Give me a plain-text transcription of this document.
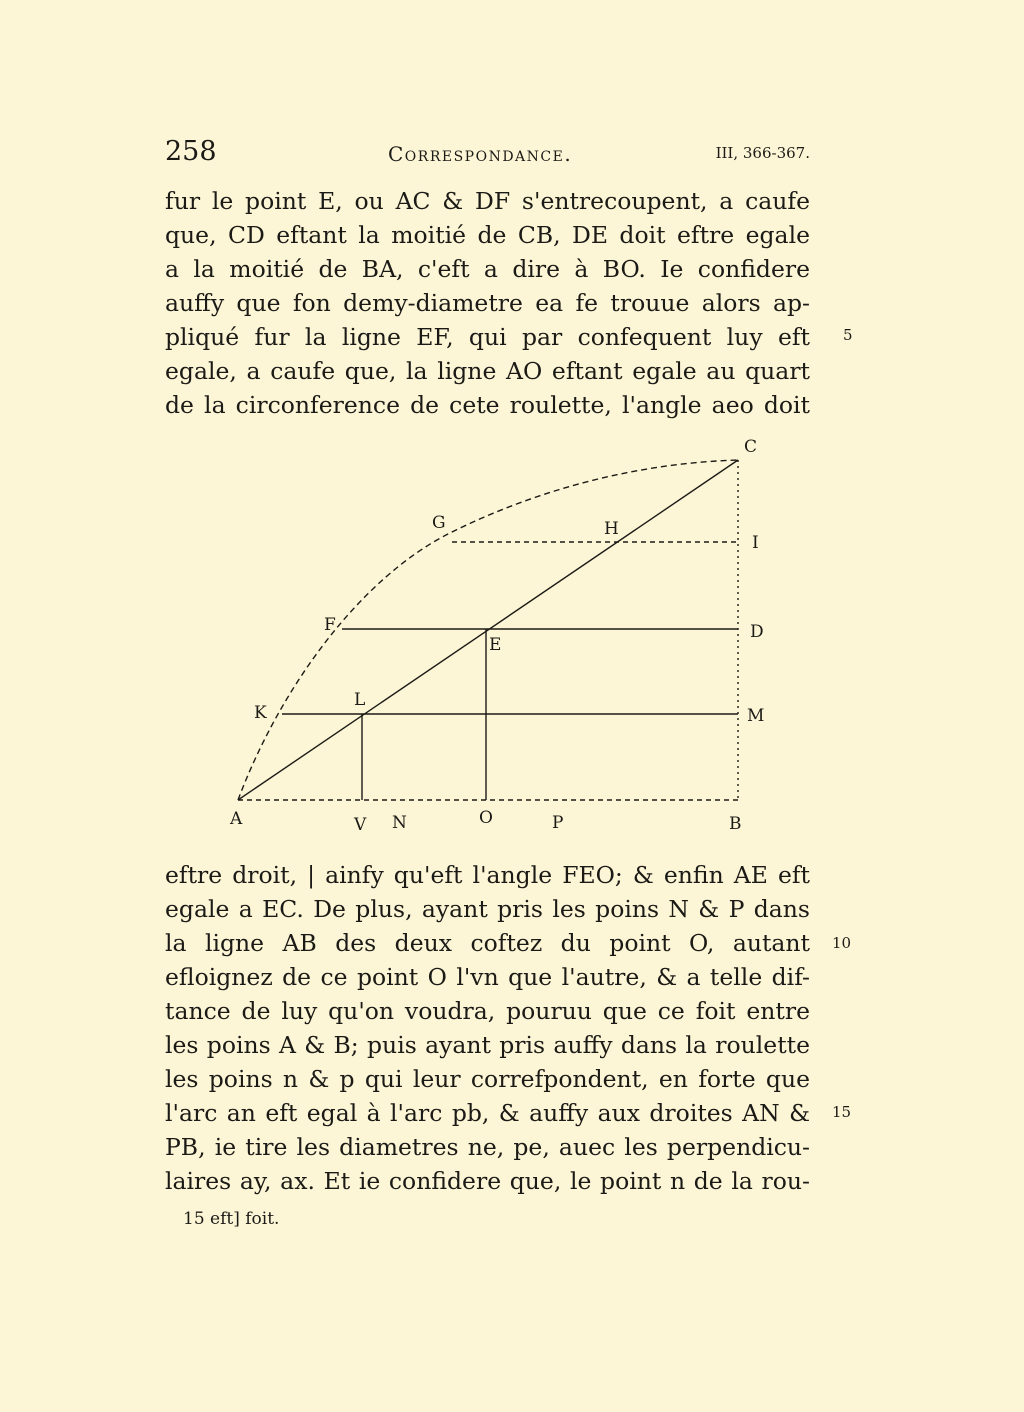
258	Correspondance.	III, 366-367.
fur le point E, ou AC & DF s'entrecoupent, a caufe
que, CD eftant la moitié de CB, DE doit eftre egale
a la moitié de BA, c'eft a dire à BO. Ie confidere
auffy que fon demy-diametre ea fe trouue alors ap-
pliqué fur la ligne EF, qui par confequent luy eft
egale, a caufe que, la ligne AO eftant egale au quart
de la circonference de cete roulette, l'angle aeo doit
5
C
G	H
I
F
E
D
K
L
M
A	V N	O	P	B
eftre droit, | ainfy qu'eft l'angle FEO; & enfin AE eft
egale a EC. De plus, ayant pris les poins N & P dans
la ligne AB des deux coftez du point O, autant
efloignez de ce point O l'vn que l'autre, & a telle dif-
tance de luy qu'on voudra, pouruu que ce foit entre
les poins A & B; puis ayant pris auffy dans la roulette
les poins n & p qui leur correfpondent, en forte que
l'arc an eft egal à l'arc pb, & auffy aux droites AN &
PB, ie tire les diametres ne, pe, auec les perpendicu-
laires ay, ax. Et ie confidere que, le point n de la rou-
10
15
15 eft] foit.
